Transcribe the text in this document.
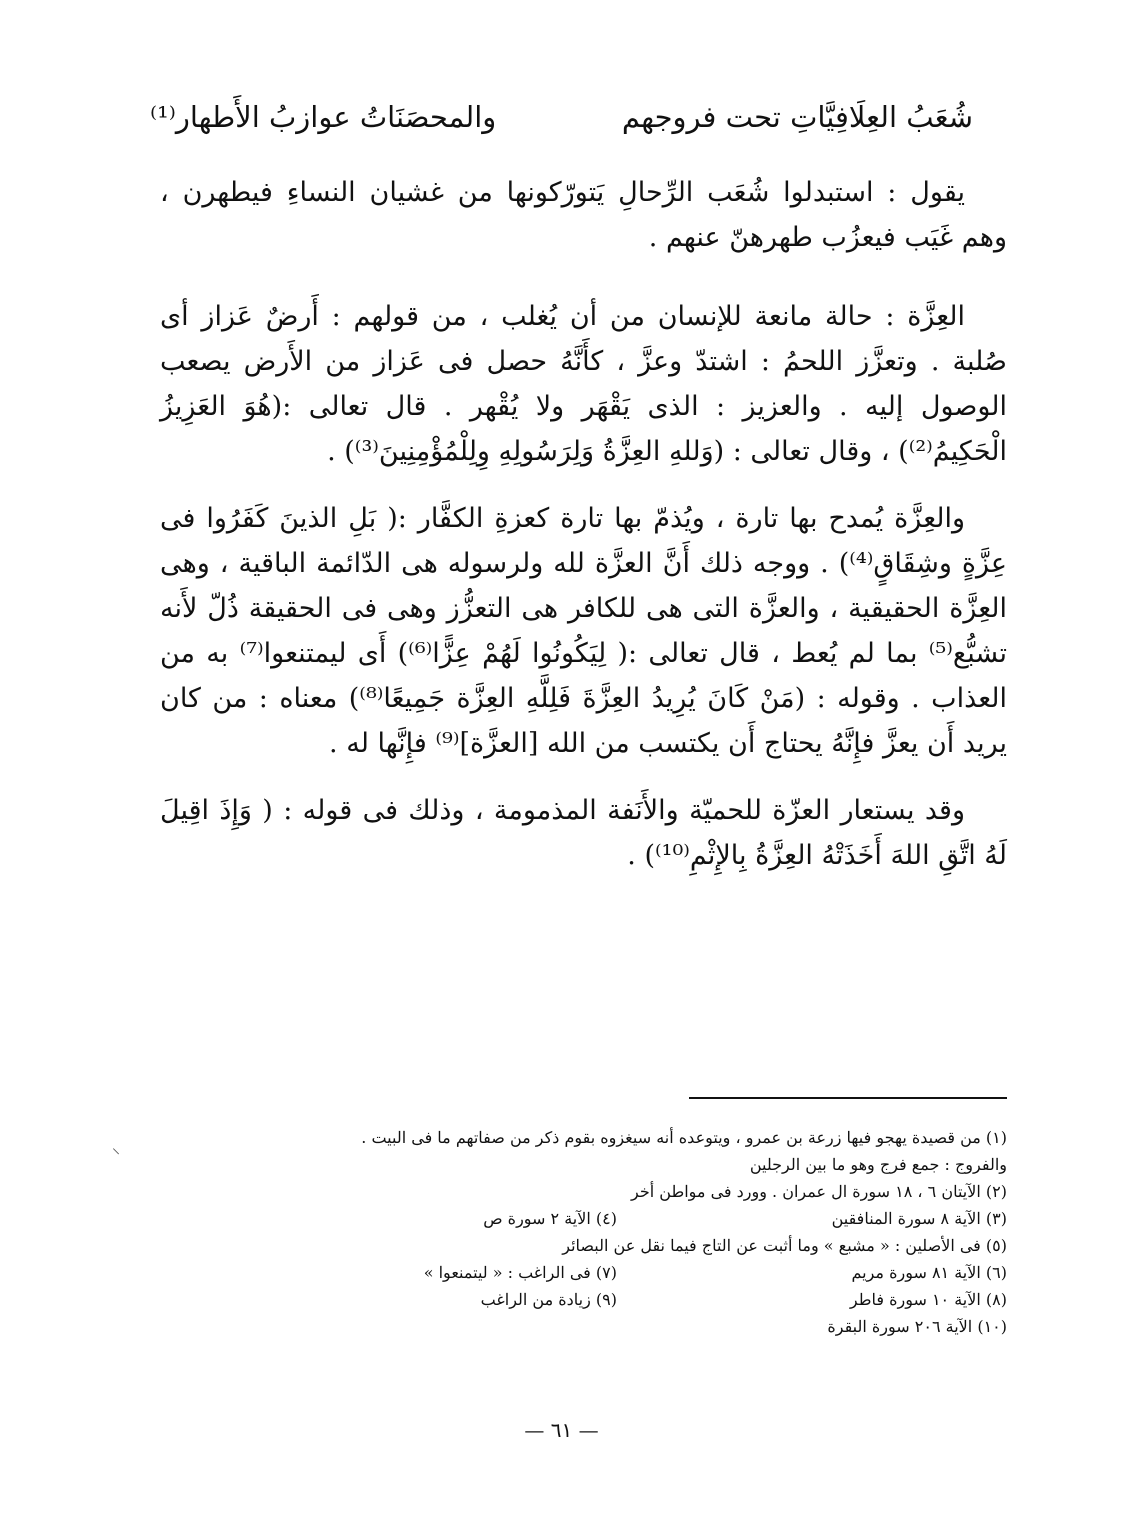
شُعَبُ العِلَافِيَّاتِ تحت فروجهم
والمحصَنَاتُ عوازبُ الأَطهار⁽¹⁾

يقول : استبدلوا شُعَب الرِّحالِ يَتورّكونها من غشيان النساءِ فيطهرن ، وهم غَيَب فيعزُب طهرهنّ عنهم .

العِزَّة : حالة مانعة للإنسان من أن يُغلب ، من قولهم : أَرضٌ عَزاز أى صُلبة . وتعزَّز اللحمُ : اشتدّ وعزَّ ، كأَنَّهُ حصل فى عَزاز من الأَرض يصعب الوصول إليه . والعزيز : الذى يَقْهَر ولا يُقْهر . قال تعالى :(هُوَ العَزِيزُ الْحَكِيمُ⁽²⁾) ، وقال تعالى : (وَللهِ العِزَّةُ وَلِرَسُولِهِ وِلِلْمُؤْمِنِينَ⁽³⁾) .

والعِزَّة يُمدح بها تارة ، ويُذمّ بها تارة كعزةِ الكفَّار :( بَلِ الذينَ كَفَرُوا فى عِزَّةٍ وشِقَاقٍ⁽⁴⁾) . ووجه ذلك أَنَّ العزَّة لله ولرسوله هى الدّائمة الباقية ، وهى العِزَّة الحقيقية ، والعزَّة التى هى للكافر هى التعزُّز وهى فى الحقيقة ذُلّ لأَنه تشبُّع⁽⁵⁾ بما لم يُعط ، قال تعالى :( لِيَكُونُوا لَهُمْ عِزًّا⁽⁶⁾) أَى ليمتنعوا⁽⁷⁾ به من العذاب . وقوله : (مَنْ كَانَ يُرِيدُ العِزَّةَ فَلِلَّهِ العِزَّة جَمِيعًا⁽⁸⁾) معناه : من كان يريد أَن يعزَّ فإِنَّهُ يحتاج أَن يكتسب من الله [العزَّة]⁽⁹⁾ فإِنَّها له .

وقد يستعار العزّة للحميّة والأَنَفة المذمومة ، وذلك فى قوله : ( وَإِذَ اقِيلَ لَهُ اتَّقِ اللهَ أَخَذَتْهُ العِزَّةُ بِالإِثْمِ⁽¹⁰⁾) .

⸝
(١) من قصيدة يهجو فيها زرعة بن عمرو ، ويتوعده أنه سيغزوه بقوم ذكر من صفاتهم ما فى البيت .
والفروج : جمع فرج وهو ما بين الرجلين
(٢) الآيتان ٦ ، ١٨ سورة ال عمران . وورد فى مواطن أخر
(٣) الآية ٨ سورة المنافقين
(٤) الآية ٢ سورة ص
(٥) فى الأصلين : « مشبع » وما أثبت عن التاج فيما نقل عن البصائر
(٦) الآية ٨١ سورة مريم
(٧) فى الراغب : « ليتمنعوا »
(٨) الآية ١٠ سورة فاطر
(٩) زيادة من الراغب
(١٠) الآية ٢٠٦ سورة البقرة
— ٦١ —
